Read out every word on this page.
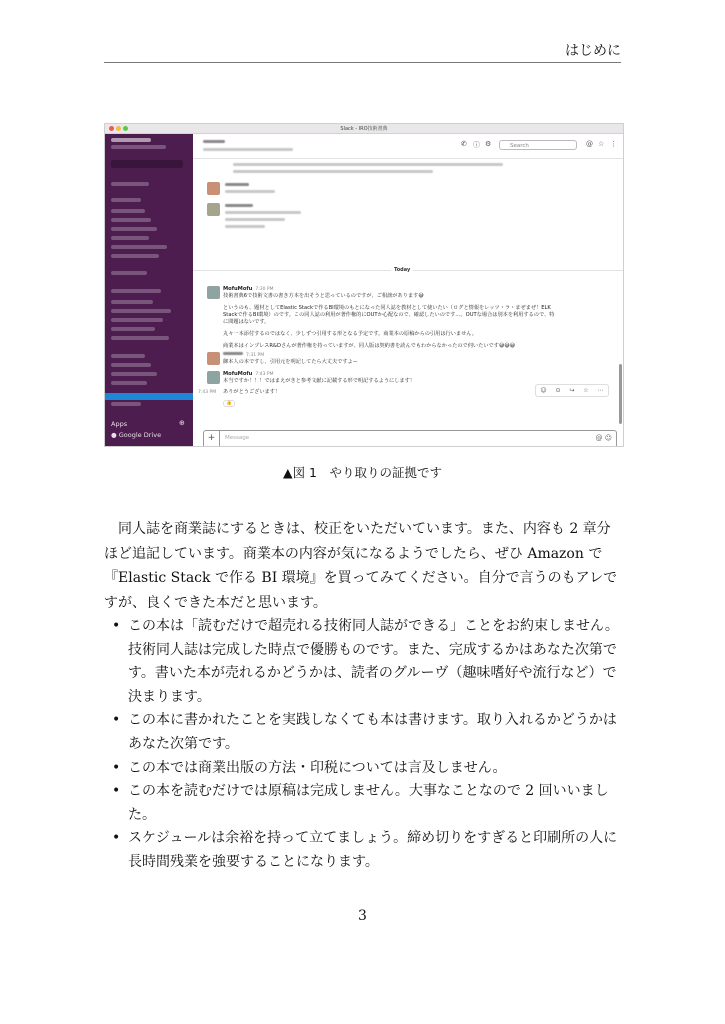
はじめに
Slack - IRO技術書典
Apps	⊕
● Google Drive
✆ ⓘ ⚙	Search	@ ☆ ⋮
Today
MofuMofu 7:30 PM
技術書典6で技術文書の書き方本を出そうと思っているのですが、ご相談があります😅
というのも、題材としてElastic Stackで作るBI環境のもとになった同人誌を教材として使いたい（ログと情報をレッツ・ラ・まぜまぜ！ELK
Stackで作るBI環境）のです。この同人誌の利用が著作権的にOUTか心配なので、確認したいのです…。OUTな場合は別本を利用するので、特
に問題はないです。
丸々一本添付するのではなく、少しずつ引用する形となる予定です。商業本の原稿からの引用は行いません。
商業本はインプレスR&Dさんが著作権を持っていますが、同人版は契約書を読んでもわからなかったので伺いたいです😅😅😅
7:31 PM
御本人の本ですし、引用元を明記してたら大丈夫ですよー
MofuMofu 7:43 PM
本当ですか！！！ではまえがきと参考文献に記載する形で明記するようにします！
☺ ⊙ ↪ ☆ ⋯
7:43 PM ありがとうございます！
👍
+	Message	@ ☺
▲図 1　やり取りの証拠です

同人誌を商業誌にするときは、校正をいただいています。また、内容も 2 章分ほど追記しています。商業本の内容が気になるようでしたら、ぜひ Amazon で『Elastic Stack で作る BI 環境』を買ってみてください。自分で言うのもアレですが、良くできた本だと思います。

• この本は「読むだけで超売れる技術同人誌ができる」ことをお約束しません。技術同人誌は完成した時点で優勝ものです。また、完成するかはあなた次第です。書いた本が売れるかどうかは、読者のグルーヴ（趣味嗜好や流行など）で決まります。
• この本に書かれたことを実践しなくても本は書けます。取り入れるかどうかはあなた次第です。
• この本では商業出版の方法・印税については言及しません。
• この本を読むだけでは原稿は完成しません。大事なことなので 2 回いいました。
• スケジュールは余裕を持って立てましょう。締め切りをすぎると印刷所の人に長時間残業を強要することになります。
3
